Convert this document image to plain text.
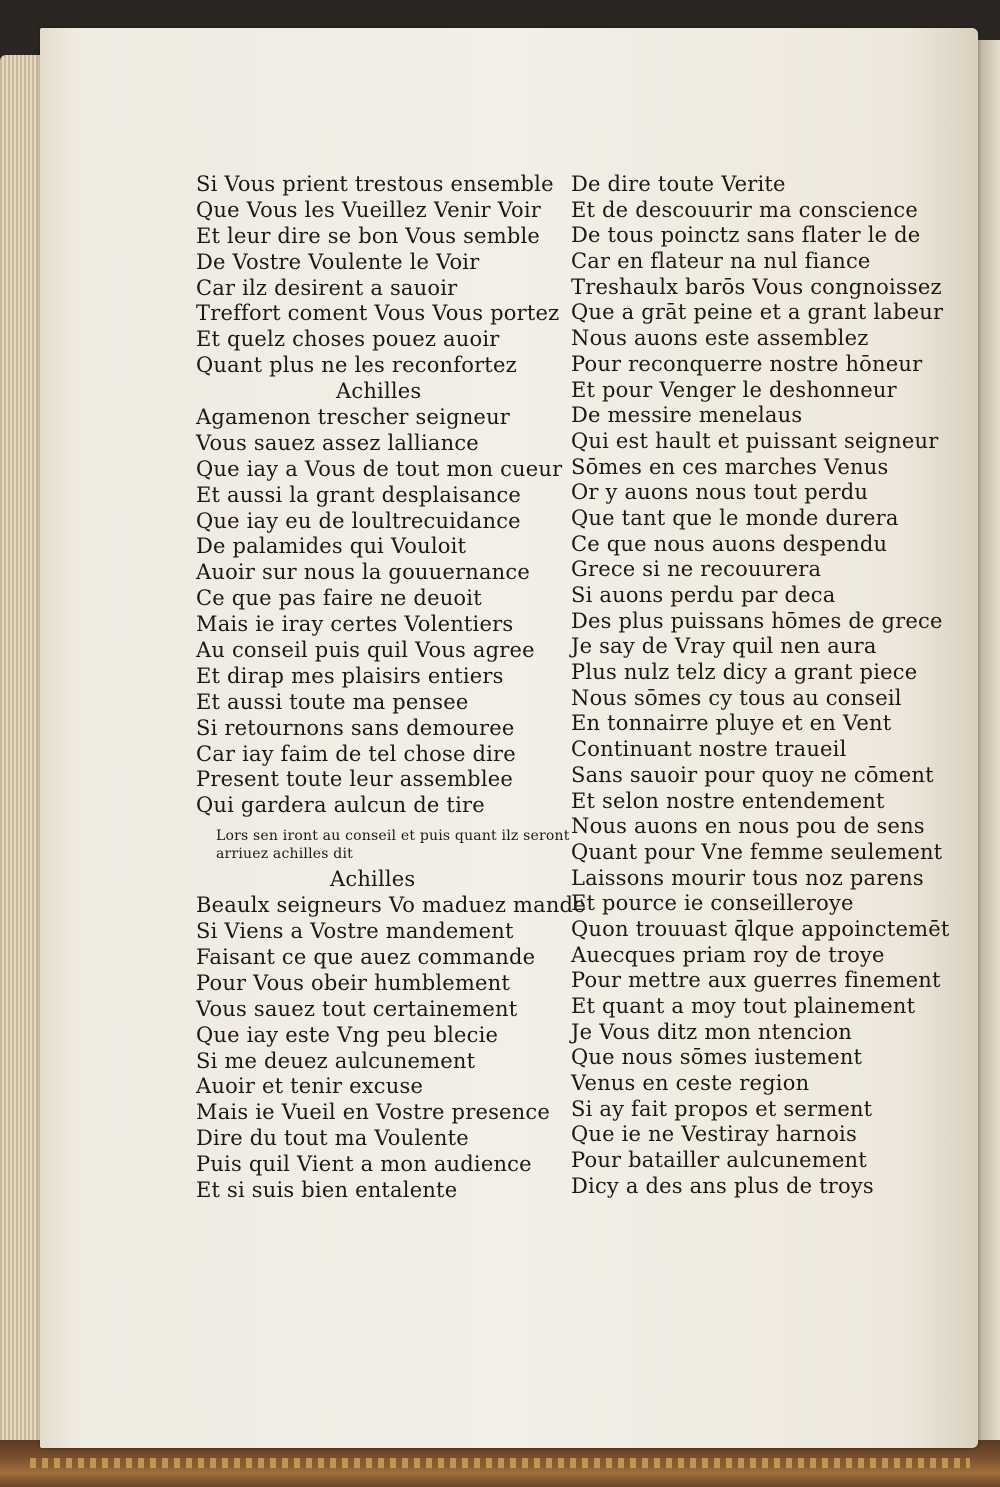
Si Vous prient trestous ensemble
Que Vous les Vueillez Venir Voir
Et leur dire se bon Vous semble
De Vostre Voulente le Voir
Car ilz desirent a sauoir
Treffort coment Vous Vous portez
Et quelz choses pouez auoir
Quant plus ne les reconfortez
Achilles
Agamenon trescher seigneur
Vous sauez assez lalliance
Que iay a Vous de tout mon cueur
Et aussi la grant desplaisance
Que iay eu de loultrecuidance
De palamides qui Vouloit
Auoir sur nous la gouuernance
Ce que pas faire ne deuoit
Mais ie iray certes Volentiers
Au conseil puis quil Vous agree
Et dirap mes plaisirs entiers
Et aussi toute ma pensee
Si retournons sans demouree
Car iay faim de tel chose dire
Present toute leur assemblee
Qui gardera aulcun de tire
Lors sen iront au conseil et puis quant ilz seront
arriuez achilles dit
Achilles
Beaulx seigneurs Vo maduez mande
Si Viens a Vostre mandement
Faisant ce que auez commande
Pour Vous obeir humblement
Vous sauez tout certainement
Que iay este Vng peu blecie
Si me deuez aulcunement
Auoir et tenir excuse
Mais ie Vueil en Vostre presence
Dire du tout ma Voulente
Puis quil Vient a mon audience
Et si suis bien entalente
De dire toute Verite
Et de descouurir ma conscience
De tous poinctz sans flater le de
Car en flateur na nul fiance
Treshaulx barōs Vous congnoissez
Que a grāt peine et a grant labeur
Nous auons este assemblez
Pour reconquerre nostre hōneur
Et pour Venger le deshonneur
De messire menelaus
Qui est hault et puissant seigneur
Sōmes en ces marches Venus
Or y auons nous tout perdu
Que tant que le monde durera
Ce que nous auons despendu
Grece si ne recouurera
Si auons perdu par deca
Des plus puissans hōmes de grece
Je say de Vray quil nen aura
Plus nulz telz dicy a grant piece
Nous sōmes cy tous au conseil
En tonnairre pluye et en Vent
Continuant nostre traueil
Sans sauoir pour quoy ne cōment
Et selon nostre entendement
Nous auons en nous pou de sens
Quant pour Vne femme seulement
Laissons mourir tous noz parens
Et pource ie conseilleroye
Quon trouuast q̄lque appoinctemēt
Auecques priam roy de troye
Pour mettre aux guerres finement
Et quant a moy tout plainement
Je Vous ditz mon ntencion
Que nous sōmes iustement
Venus en ceste region
Si ay fait propos et serment
Que ie ne Vestiray harnois
Pour batailler aulcunement
Dicy a des ans plus de troys
